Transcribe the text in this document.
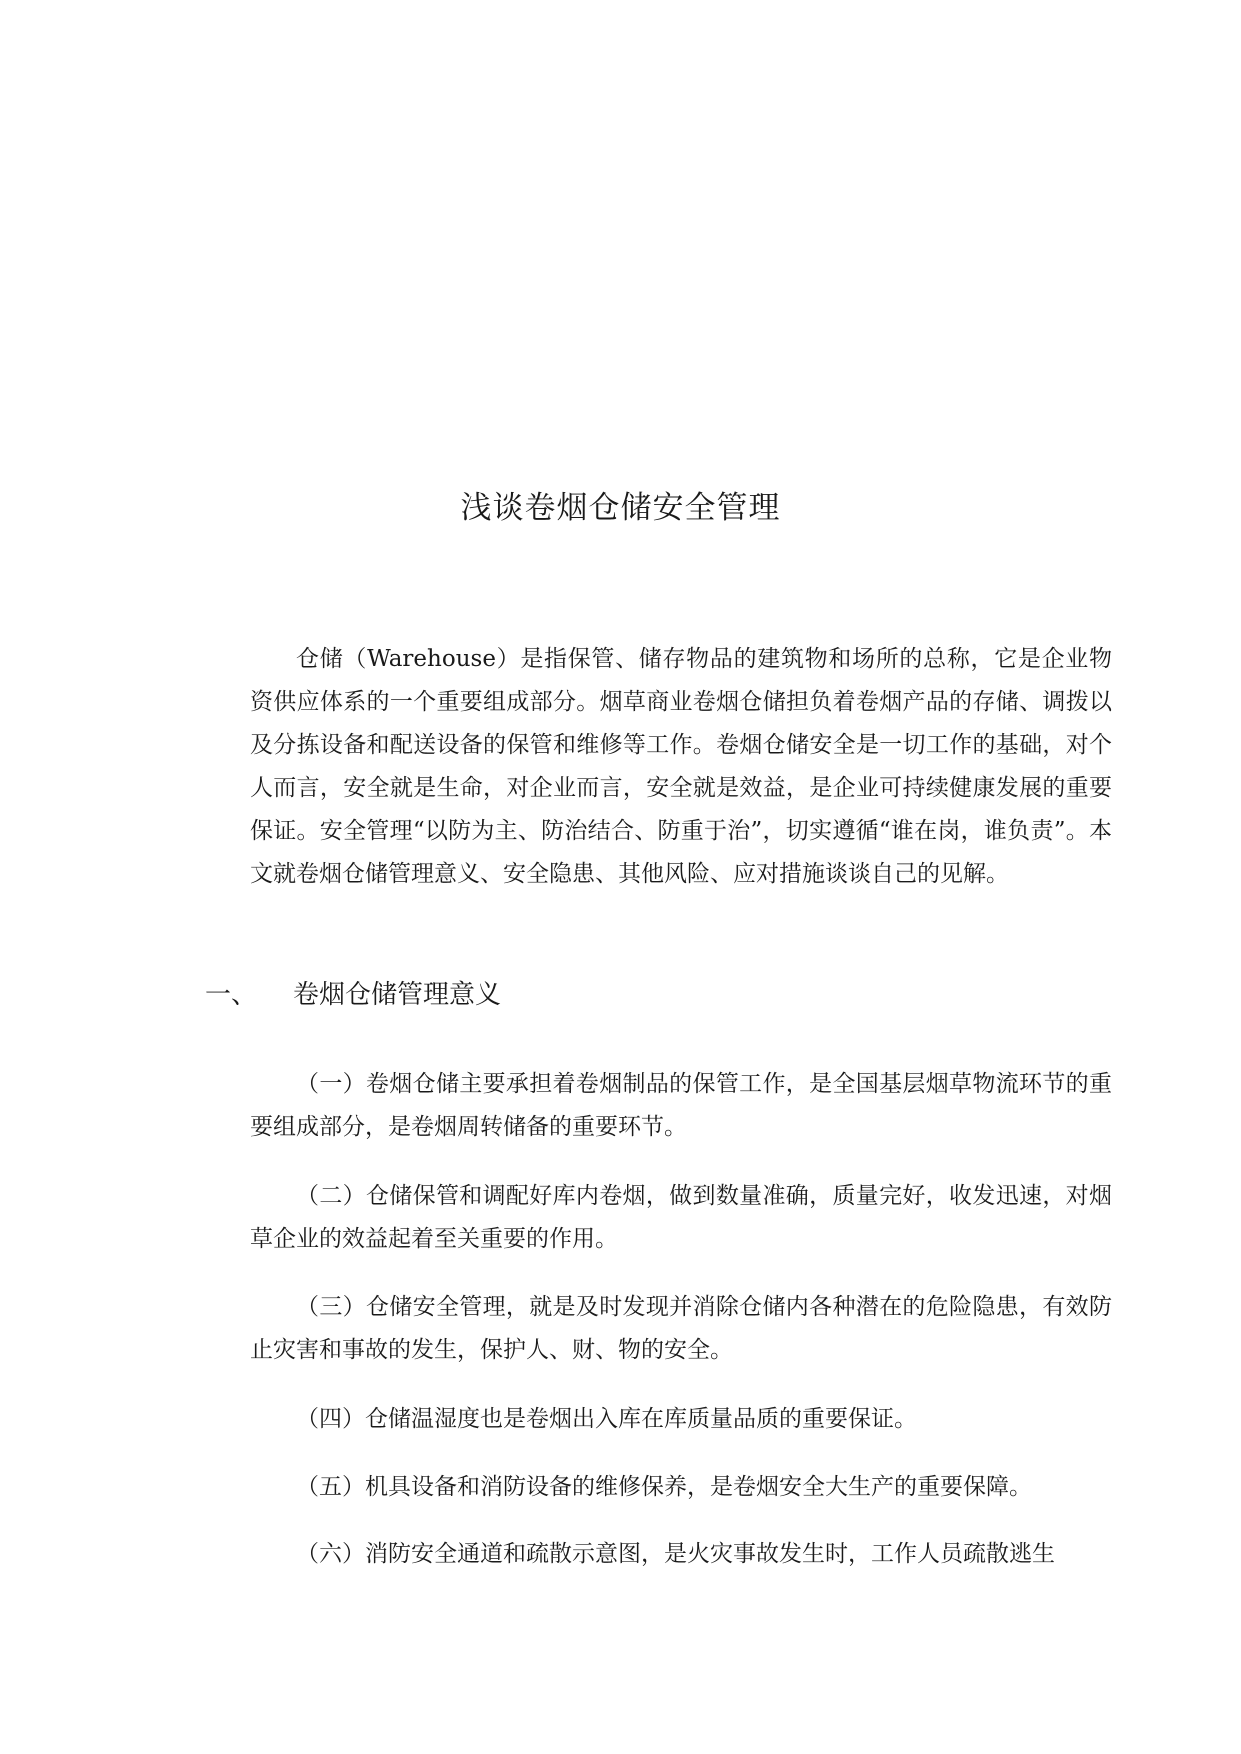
浅谈卷烟仓储安全管理

仓储（Warehouse）是指保管、储存物品的建筑物和场所的总称，它是企业物资供应体系的一个重要组成部分。烟草商业卷烟仓储担负着卷烟产品的存储、调拨以及分拣设备和配送设备的保管和维修等工作。卷烟仓储安全是一切工作的基础，对个人而言，安全就是生命，对企业而言，安全就是效益，是企业可持续健康发展的重要保证。安全管理“以防为主、防治结合、防重于治”，切实遵循“谁在岗，谁负责”。本文就卷烟仓储管理意义、安全隐患、其他风险、应对措施谈谈自己的见解。

一、 卷烟仓储管理意义

（一）卷烟仓储主要承担着卷烟制品的保管工作，是全国基层烟草物流环节的重要组成部分，是卷烟周转储备的重要环节。

（二）仓储保管和调配好库内卷烟，做到数量准确，质量完好，收发迅速，对烟草企业的效益起着至关重要的作用。

（三）仓储安全管理，就是及时发现并消除仓储内各种潜在的危险隐患，有效防止灾害和事故的发生，保护人、财、物的安全。

（四）仓储温湿度也是卷烟出入库在库质量品质的重要保证。

（五）机具设备和消防设备的维修保养，是卷烟安全大生产的重要保障。

（六）消防安全通道和疏散示意图，是火灾事故发生时，工作人员疏散逃生
